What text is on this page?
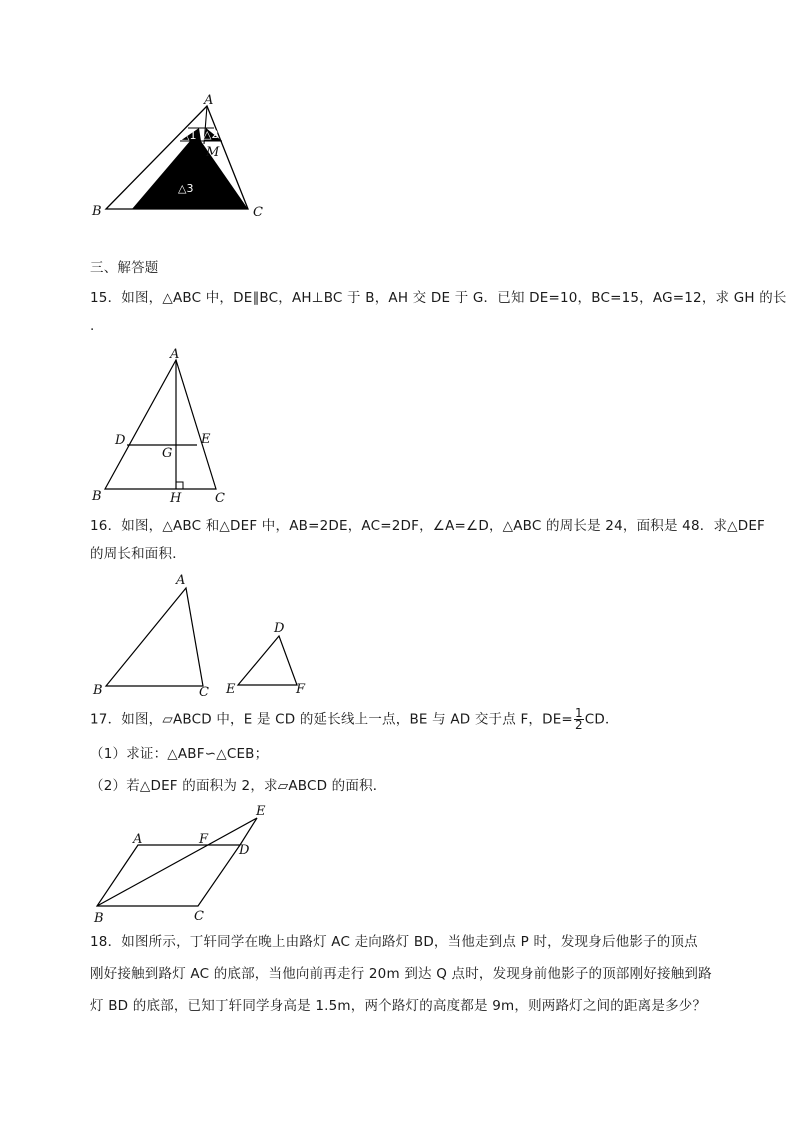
A
B	C
M
△1 △2
△3
三、解答题
15．如图，△ABC 中，DE∥BC，AH⊥BC 于 B，AH 交 DE 于 G．已知 DE=10，BC=15，AG=12，求 GH 的长
.
A
B	C
D	E
G
H
16．如图，△ABC 和△DEF 中，AB=2DE，AC=2DF，∠A=∠D，△ABC 的周长是 24，面积是 48．求△DEF
的周长和面积．
A
B	C
D
E	F
17．如图，▱ABCD 中，E 是 CD 的延长线上一点，BE 与 AD 交于点 F，$DE= \frac{1}{2}$ CD．
（1）求证：△ABF∽△CEB；
（2）若△DEF 的面积为 2，求▱ABCD 的面积．
A
B	C
D
E
F
18．如图所示，丁轩同学在晚上由路灯 AC 走向路灯 BD，当他走到点 P 时，发现身后他影子的顶点
刚好接触到路灯 AC 的底部，当他向前再走行 20m 到达 Q 点时，发现身前他影子的顶部刚好接触到路
灯 BD 的底部，已知丁轩同学身高是 1.5m，两个路灯的高度都是 9m，则两路灯之间的距离是多少？
